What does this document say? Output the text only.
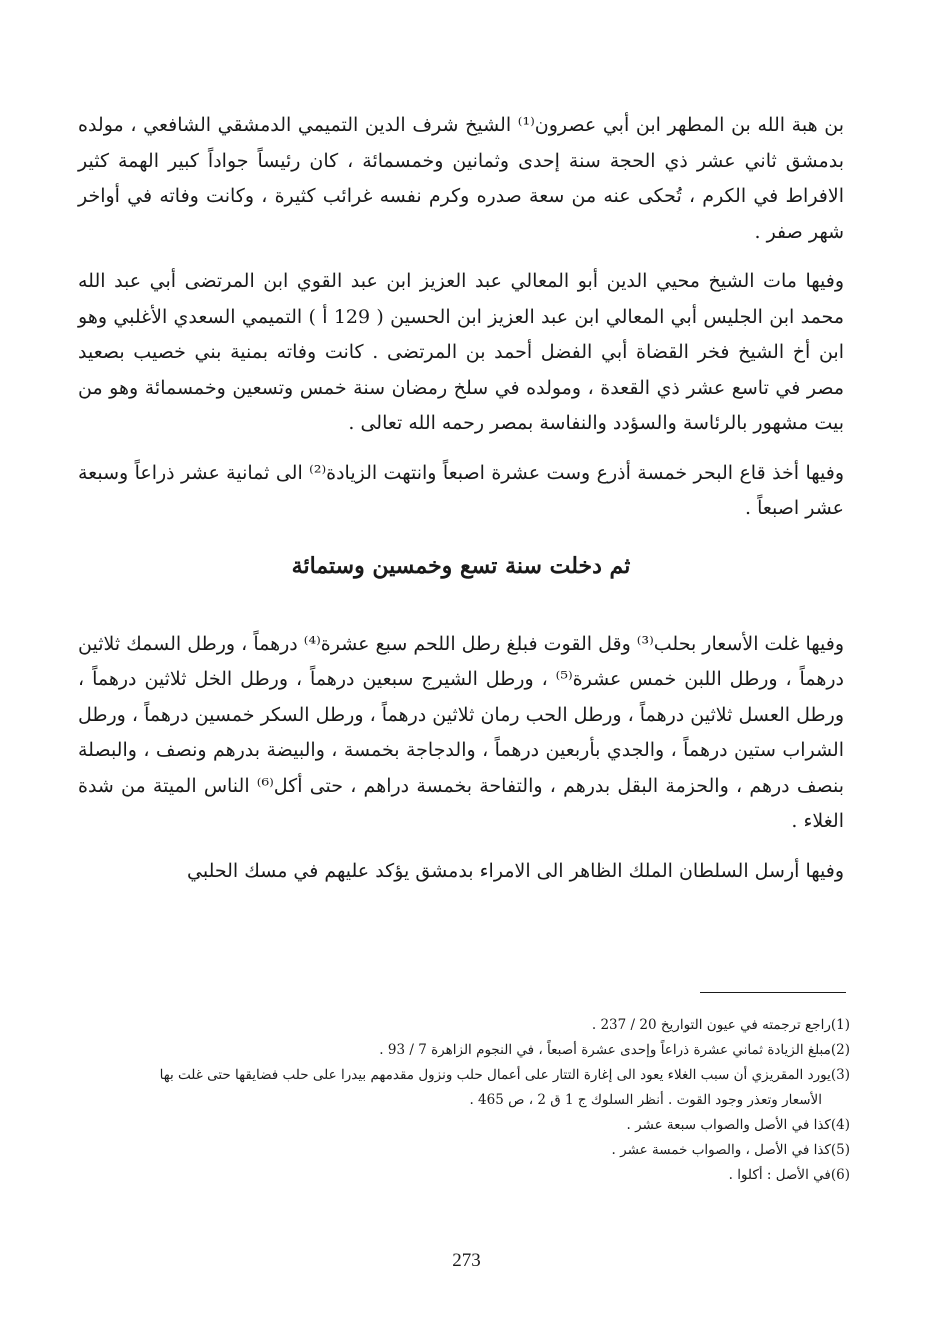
بن هبة الله بن المطهر ابن أبي عصرون⁽¹⁾ الشيخ شرف الدين التميمي الدمشقي الشافعي ، مولده بدمشق ثاني عشر ذي الحجة سنة إحدى وثمانين وخمسمائة ، كان رئيساً جواداً كبير الهمة كثير الافراط في الكرم ، تُحكى عنه من سعة صدره وكرم نفسه غرائب كثيرة ، وكانت وفاته في أواخر شهر صفر .

وفيها مات الشيخ محيي الدين أبو المعالي عبد العزيز ابن عبد القوي ابن المرتضى أبي عبد الله محمد ابن الجليس أبي المعالي ابن عبد العزيز ابن الحسين ( 129 أ ) التميمي السعدي الأغلبي وهو ابن أخ الشيخ فخر القضاة أبي الفضل أحمد بن المرتضى . كانت وفاته بمنية بني خصيب بصعيد مصر في تاسع عشر ذي القعدة ، ومولده في سلخ رمضان سنة خمس وتسعين وخمسمائة وهو من بيت مشهور بالرئاسة والسؤدد والنفاسة بمصر رحمه الله تعالى .

وفيها أخذ قاع البحر خمسة أذرع وست عشرة اصبعاً وانتهت الزيادة⁽²⁾ الى ثمانية عشر ذراعاً وسبعة عشر اصبعاً .

ثم دخلت سنة تسع وخمسين وستمائة

وفيها غلت الأسعار بحلب⁽³⁾ وقل القوت فبلغ رطل اللحم سبع عشرة⁽⁴⁾ درهماً ، ورطل السمك ثلاثين درهماً ، ورطل اللبن خمس عشرة⁽⁵⁾ ، ورطل الشيرج سبعين درهماً ، ورطل الخل ثلاثين درهماً ، ورطل العسل ثلاثين درهماً ، ورطل الحب رمان ثلاثين درهماً ، ورطل السكر خمسين درهماً ، ورطل الشراب ستين درهماً ، والجدي بأربعين درهماً ، والدجاجة بخمسة ، والبيضة بدرهم ونصف ، والبصلة بنصف درهم ، والحزمة البقل بدرهم ، والتفاحة بخمسة دراهم ، حتى أكل⁽⁶⁾ الناس الميتة من شدة الغلاء .

وفيها أرسل السلطان الملك الظاهر الى الامراء بدمشق يؤكد عليهم في مسك الحلبي

(1)راجع ترجمته في عيون التواريخ 20 / 237 .

(2)مبلغ الزيادة ثماني عشرة ذراعاً وإحدى عشرة أصبعاً ، في النجوم الزاهرة 7 / 93 .

(3)يورد المقريزي أن سبب الغلاء يعود الى إغارة التتار على أعمال حلب ونزول مقدمهم بيدرا على حلب فضايقها حتى غلت بها
الأسعار وتعذر وجود القوت . أنظر السلوك ج 1 ق 2 ، ص 465 .

(4)كذا في الأصل والصواب سبعة عشر .

(5)كذا في الأصل ، والصواب خمسة عشر .

(6)في الأصل : أكلوا .

273
